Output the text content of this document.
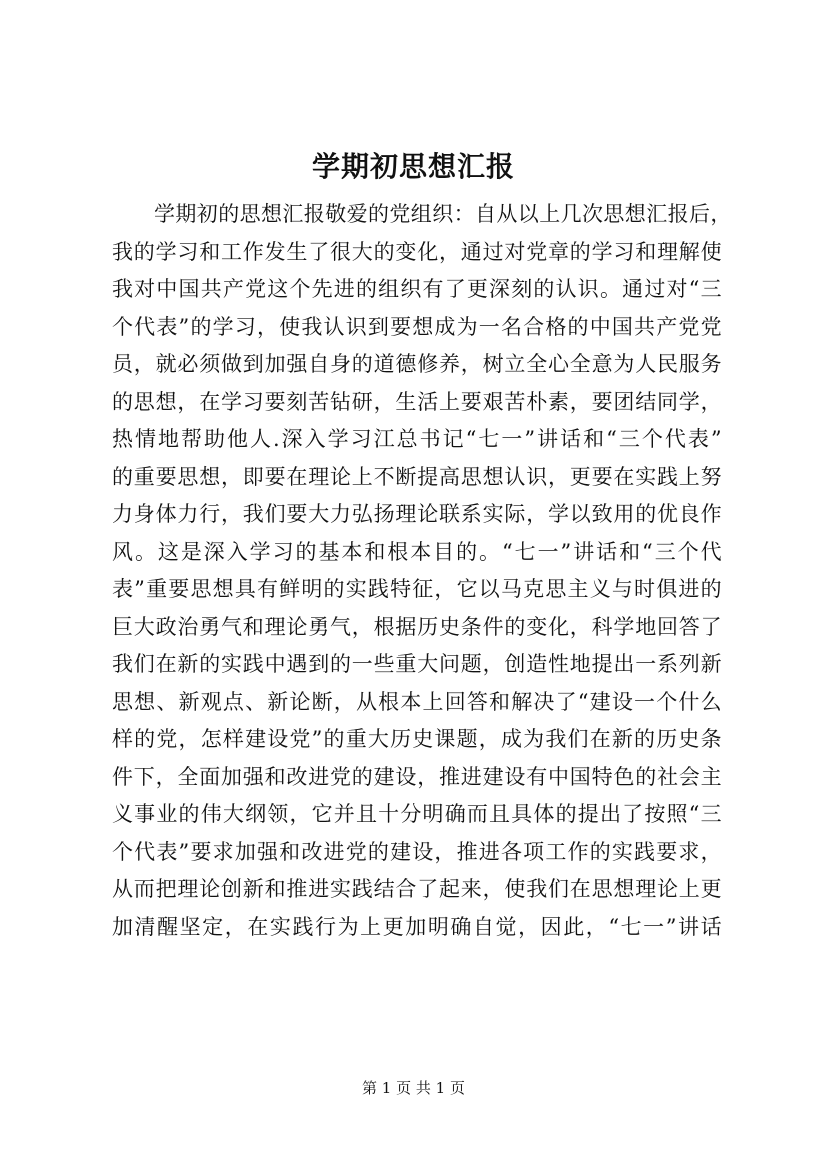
学期初思想汇报
学期初的思想汇报敬爱的党组织：自从以上几次思想汇报后，
我的学习和工作发生了很大的变化，通过对党章的学习和理解使
我对中国共产党这个先进的组织有了更深刻的认识。通过对“三
个代表”的学习，使我认识到要想成为一名合格的中国共产党党
员，就必须做到加强自身的道德修养，树立全心全意为人民服务
的思想，在学习要刻苦钻研，生活上要艰苦朴素，要团结同学，
热情地帮助他人.深入学习江总书记“七一”讲话和“三个代表”
的重要思想，即要在理论上不断提高思想认识，更要在实践上努
力身体力行，我们要大力弘扬理论联系实际，学以致用的优良作
风。这是深入学习的基本和根本目的。“七一”讲话和“三个代
表”重要思想具有鲜明的实践特征，它以马克思主义与时俱进的
巨大政治勇气和理论勇气，根据历史条件的变化，科学地回答了
我们在新的实践中遇到的一些重大问题，创造性地提出一系列新
思想、新观点、新论断，从根本上回答和解决了“建设一个什么
样的党，怎样建设党”的重大历史课题，成为我们在新的历史条
件下，全面加强和改进党的建设，推进建设有中国特色的社会主
义事业的伟大纲领，它并且十分明确而且具体的提出了按照“三
个代表”要求加强和改进党的建设，推进各项工作的实践要求，
从而把理论创新和推进实践结合了起来，使我们在思想理论上更
加清醒坚定，在实践行为上更加明确自觉，因此，“七一”讲话
第 1 页 共 1 页
